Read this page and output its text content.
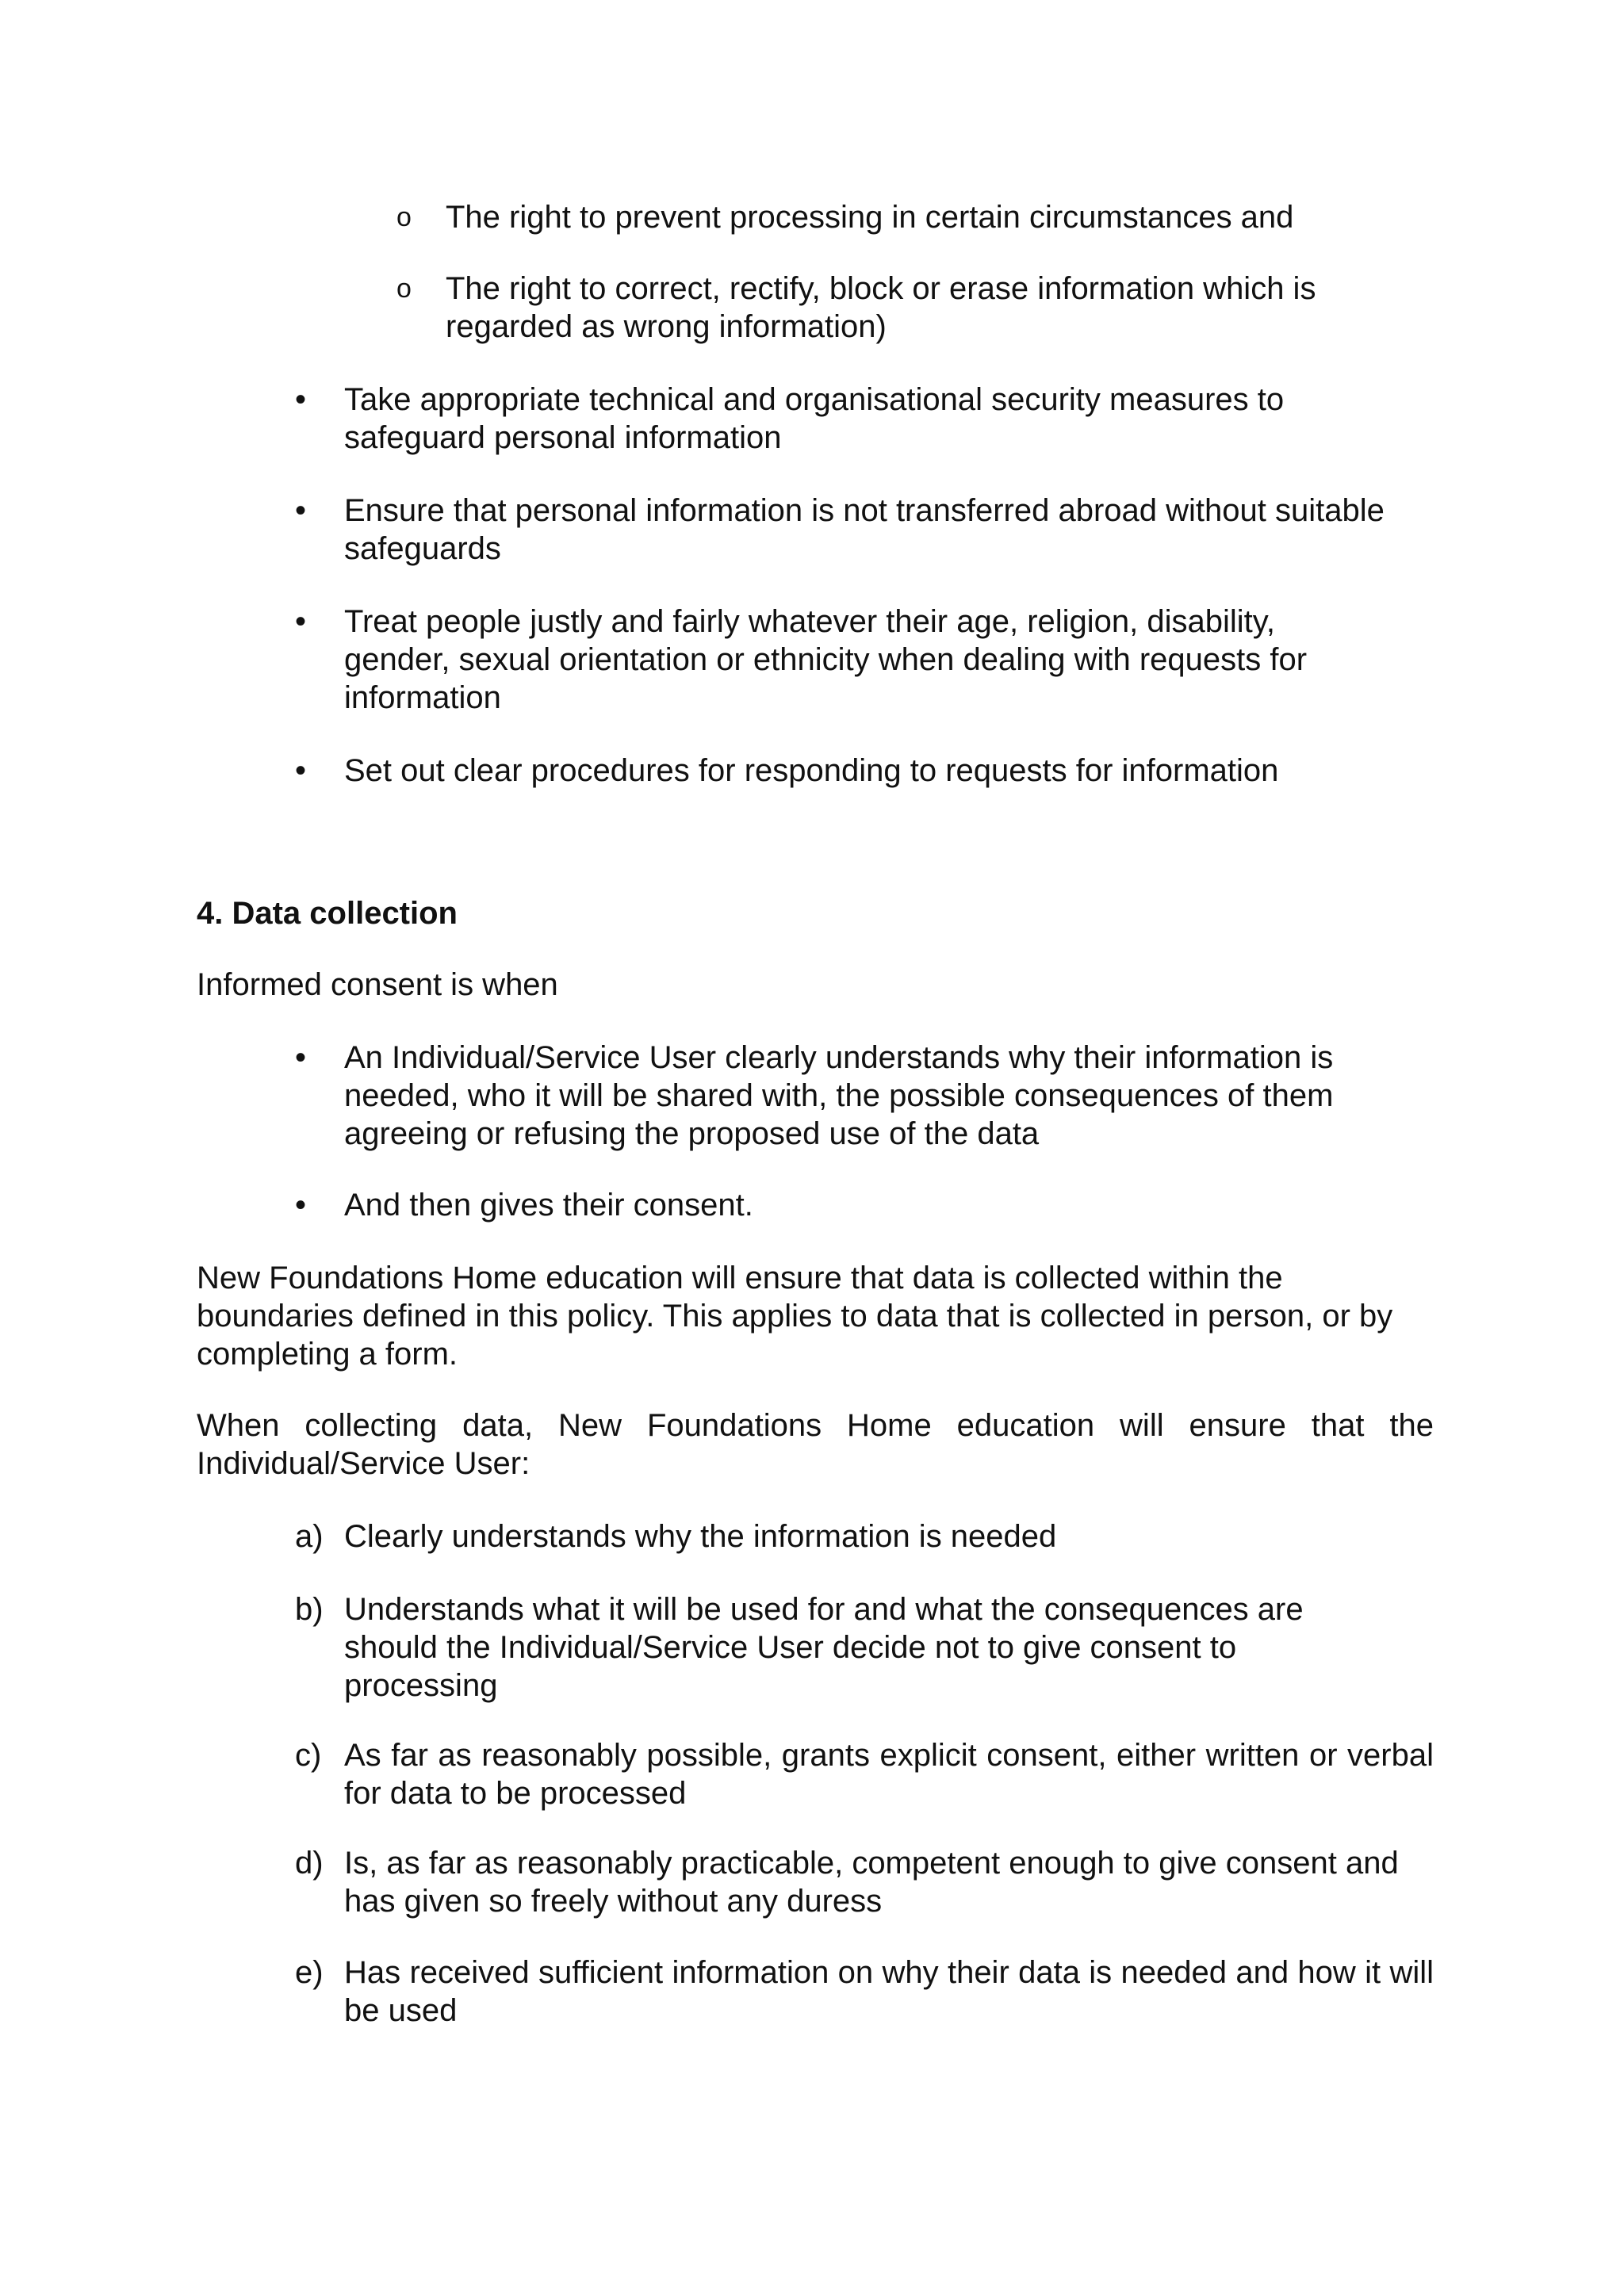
o The right to prevent processing in certain circumstances and
o The right to correct, rectify, block or erase information which is regarded as wrong information)
• Take appropriate technical and organisational security measures to safeguard personal information
• Ensure that personal information is not transferred abroad without suitable safeguards
• Treat people justly and fairly whatever their age, religion, disability, gender, sexual orientation or ethnicity when dealing with requests for information
• Set out clear procedures for responding to requests for information
4. Data collection
Informed consent is when
• An Individual/Service User clearly understands why their information is needed, who it will be shared with, the possible consequences of them agreeing or refusing the proposed use of the data
• And then gives their consent.
New Foundations Home education will ensure that data is collected within the boundaries defined in this policy. This applies to data that is collected in person, or by completing a form.
When collecting data, New Foundations Home education will ensure that the Individual/Service User:
a) Clearly understands why the information is needed
b) Understands what it will be used for and what the consequences are should the Individual/Service User decide not to give consent to processing
c) As far as reasonably possible, grants explicit consent, either written or verbal for data to be processed
d) Is, as far as reasonably practicable, competent enough to give consent and has given so freely without any duress
e) Has received sufficient information on why their data is needed and how it will be used
